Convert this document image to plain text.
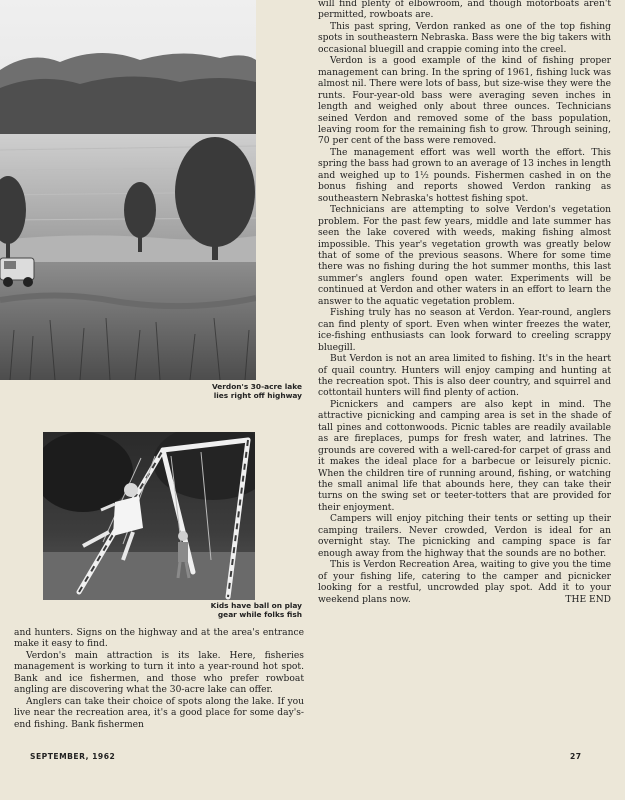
Verdon's 30-acre lake
lies right off highway
Kids have ball on play
gear while folks fish

and hunters. Signs on the highway and at the area's entrance make it easy to find.

Verdon's main attraction is its lake. Here, fisheries management is working to turn it into a year-round hot spot. Bank and ice fishermen, and those who prefer rowboat angling are discovering what the 30-acre lake can offer.

Anglers can take their choice of spots along the lake. If you live near the recreation area, it's a good place for some day's-end fishing. Bank fishermen

will find plenty of elbowroom, and though motorboats aren't permitted, rowboats are.

This past spring, Verdon ranked as one of the top fishing spots in southeastern Nebraska. Bass were the big takers with occasional bluegill and crappie coming into the creel.

Verdon is a good example of the kind of fishing proper management can bring. In the spring of 1961, fishing luck was almost nil. There were lots of bass, but size-wise they were the runts. Four-year-old bass were averaging seven inches in length and weighed only about three ounces. Technicians seined Verdon and removed some of the bass population, leaving room for the remaining fish to grow. Through seining, 70 per cent of the bass were removed.

The management effort was well worth the effort. This spring the bass had grown to an average of 13 inches in length and weighed up to 1½ pounds. Fishermen cashed in on the bonus fishing and reports showed Verdon ranking as southeastern Nebraska's hottest fishing spot.

Technicians are attempting to solve Verdon's vegetation problem. For the past few years, middle and late summer has seen the lake covered with weeds, making fishing almost impossible. This year's vegetation growth was greatly below that of some of the previous seasons. Where for some time there was no fishing during the hot summer months, this last summer's anglers found open water. Experiments will be continued at Verdon and other waters in an effort to learn the answer to the aquatic vegetation problem.

Fishing truly has no season at Verdon. Year-round, anglers can find plenty of sport. Even when winter freezes the water, ice-fishing enthusiasts can look forward to creeling scrappy bluegill.

But Verdon is not an area limited to fishing. It's in the heart of quail country. Hunters will enjoy camping and hunting at the recreation spot. This is also deer country, and squirrel and cottontail hunters will find plenty of action.

Picnickers and campers are also kept in mind. The attractive picnicking and camping area is set in the shade of tall pines and cottonwoods. Picnic tables are readily available as are fireplaces, pumps for fresh water, and latrines. The grounds are covered with a well-cared-for carpet of grass and it makes the ideal place for a barbecue or leisurely picnic. When the children tire of running around, fishing, or watching the small animal life that abounds here, they can take their turns on the swing set or teeter-totters that are provided for their enjoyment.

Campers will enjoy pitching their tents or setting up their camping trailers. Never crowded, Verdon is ideal for an overnight stay. The picnicking and camping space is far enough away from the highway that the sounds are no bother.

This is Verdon Recreation Area, waiting to give you the time of your fishing life, catering to the camper and picnicker looking for a restful, uncrowded play spot. Add it to your weekend plans now.	THE END

SEPTEMBER, 1962	27
